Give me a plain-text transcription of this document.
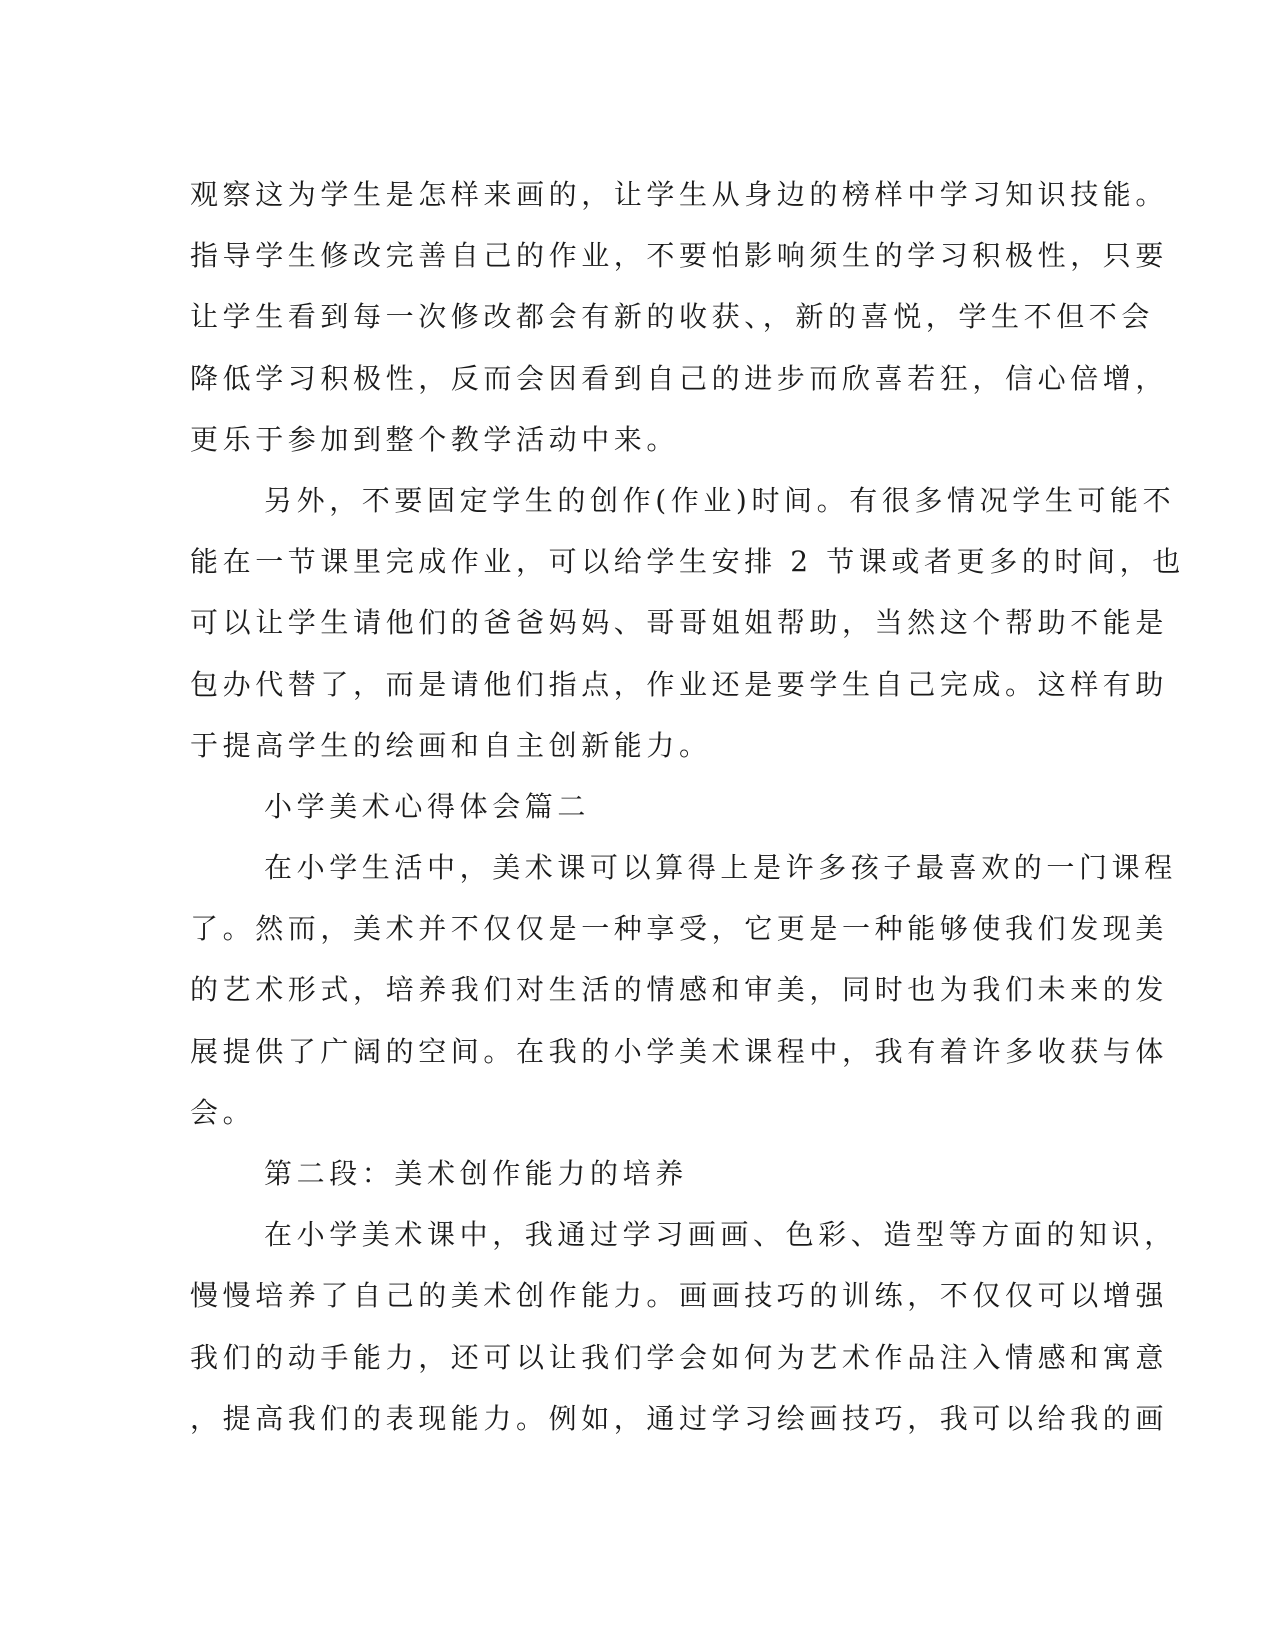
观察这为学生是怎样来画的，让学生从身边的榜样中学习知识技能。
指导学生修改完善自己的作业，不要怕影响须生的学习积极性，只要
让学生看到每一次修改都会有新的收获、，新的喜悦，学生不但不会
降低学习积极性，反而会因看到自己的进步而欣喜若狂，信心倍增，
更乐于参加到整个教学活动中来。
另外，不要固定学生的创作(作业)时间。有很多情况学生可能不
能在一节课里完成作业，可以给学生安排 2 节课或者更多的时间，也
可以让学生请他们的爸爸妈妈、哥哥姐姐帮助，当然这个帮助不能是
包办代替了，而是请他们指点，作业还是要学生自己完成。这样有助
于提高学生的绘画和自主创新能力。
小学美术心得体会篇二
在小学生活中，美术课可以算得上是许多孩子最喜欢的一门课程
了。然而，美术并不仅仅是一种享受，它更是一种能够使我们发现美
的艺术形式，培养我们对生活的情感和审美，同时也为我们未来的发
展提供了广阔的空间。在我的小学美术课程中，我有着许多收获与体
会。
第二段：美术创作能力的培养
在小学美术课中，我通过学习画画、色彩、造型等方面的知识，
慢慢培养了自己的美术创作能力。画画技巧的训练，不仅仅可以增强
我们的动手能力，还可以让我们学会如何为艺术作品注入情感和寓意
，提高我们的表现能力。例如，通过学习绘画技巧，我可以给我的画
